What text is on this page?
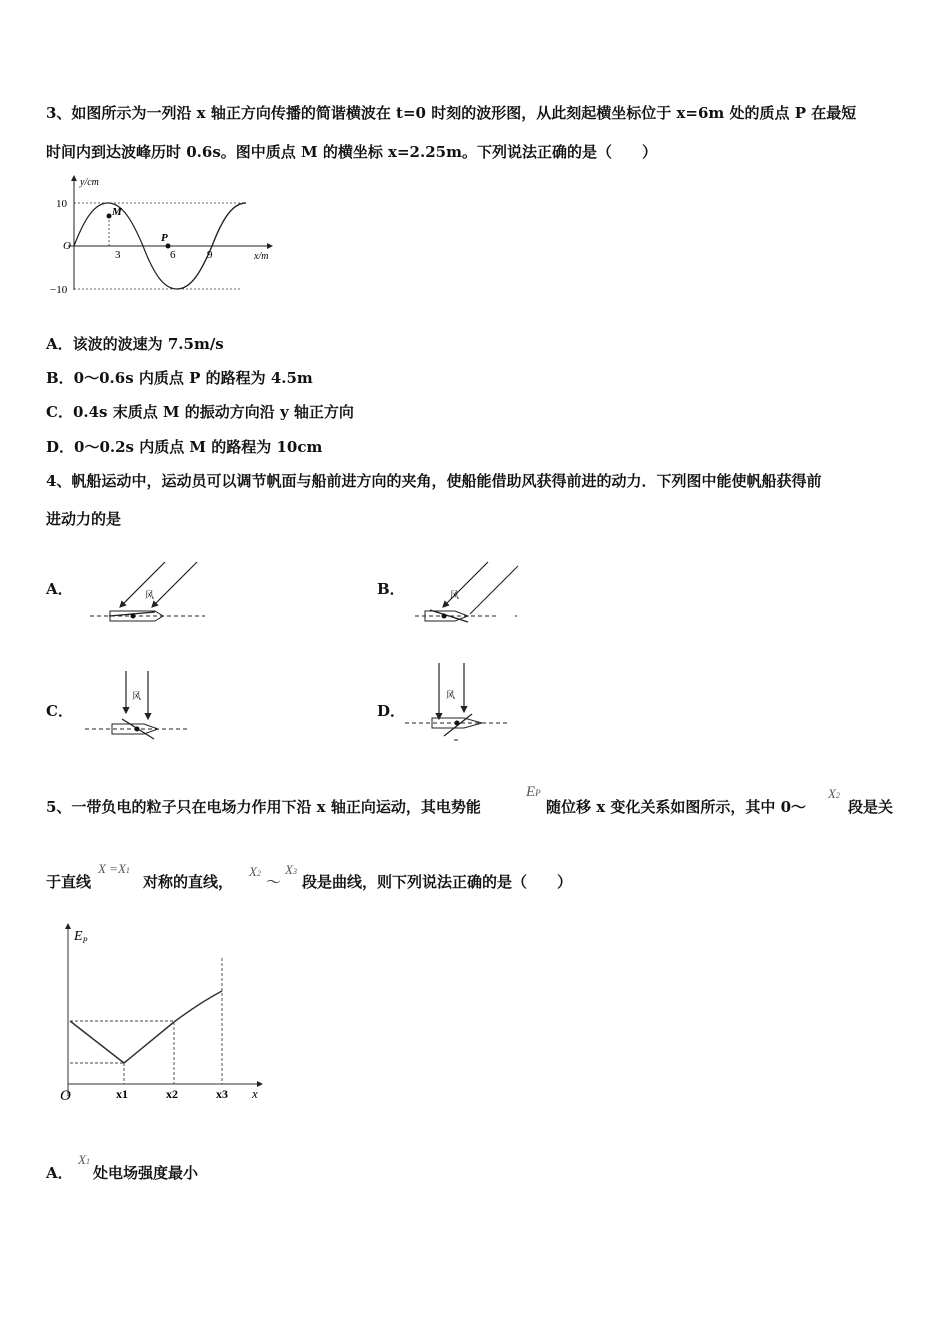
3、如图所示为一列沿 x 轴正方向传播的简谐横波在 t=0 时刻的波形图，从此刻起横坐标位于 x=6m 处的质点 P 在最短
时间内到达波峰历时 0.6s。图中质点 M 的横坐标 x=2.25m。下列说法正确的是（　　）
y/cm
10
−10
O
M
P
3	6	9	x/m
A．该波的波速为 7.5m/s
B．0～0.6s 内质点 P 的路程为 4.5m
C．0.4s 末质点 M 的振动方向沿 y 轴正方向
D．0～0.2s 内质点 M 的路程为 10cm
4、帆船运动中，运动员可以调节帆面与船前进方向的夹角，使船能借助风获得前进的动力．下列图中能使帆船获得前
进动力的是
A．	风	B．	风
C．
风
D．
风
5、一带负电的粒子只在电场力作用下沿 x 轴正向运动，其电势能
EP
随位移 x 变化关系如图所示，其中 0～
X2
段是关
于直线
X =X1
对称的直线，
X2 ～
X3
段是曲线，则下列说法正确的是（　　）
$E_P$
O	x1	x2	x3 x
A．
X1
处电场强度最小
